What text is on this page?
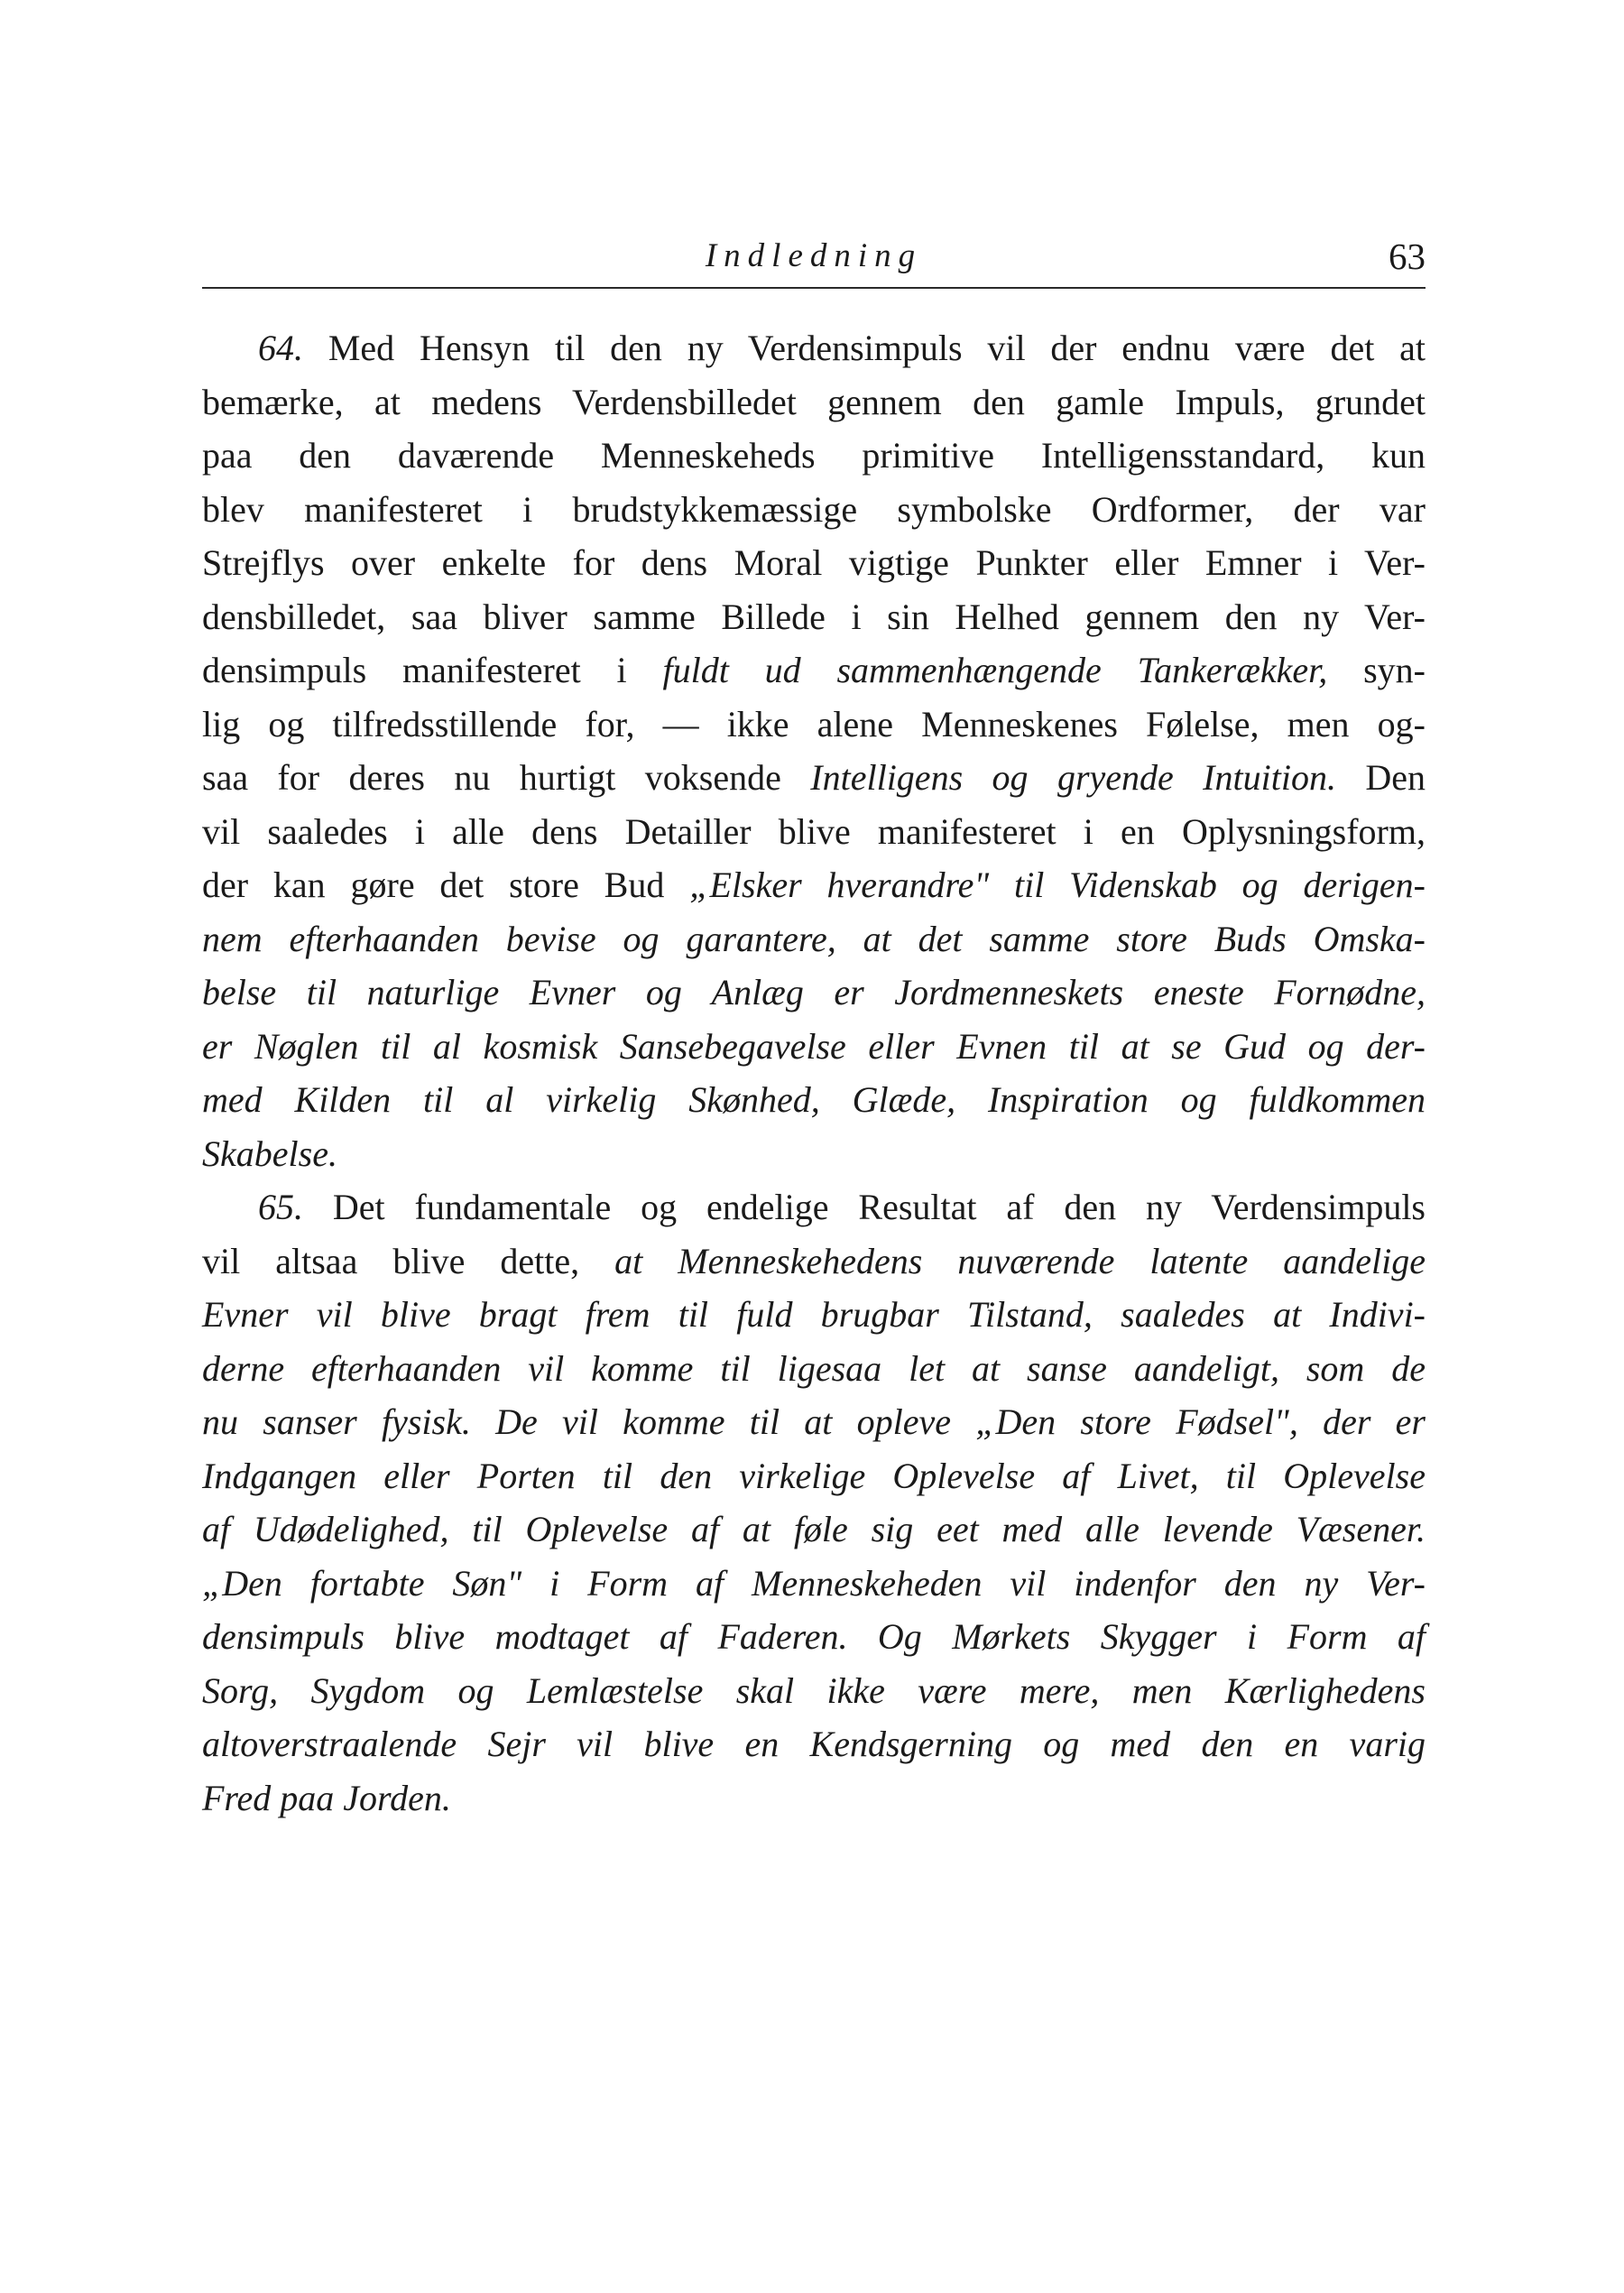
Indledning	63
64. Med Hensyn til den ny Verdensimpuls vil der endnu være det at
bemærke, at medens Verdensbilledet gennem den gamle Impuls, grundet
paa den daværende Menneskeheds primitive Intelligensstandard, kun
blev manifesteret i brudstykkemæssige symbolske Ordformer, der var
Strejflys over enkelte for dens Moral vigtige Punkter eller Emner i Ver-
densbilledet, saa bliver samme Billede i sin Helhed gennem den ny Ver-
densimpuls manifesteret i fuldt ud sammenhængende Tankerækker, syn-
lig og tilfredsstillende for, — ikke alene Menneskenes Følelse, men og-
saa for deres nu hurtigt voksende Intelligens og gryende Intuition. Den
vil saaledes i alle dens Detailler blive manifesteret i en Oplysningsform,
der kan gøre det store Bud „Elsker hverandre" til Videnskab og derigen-
nem efterhaanden bevise og garantere, at det samme store Buds Omska-
belse til naturlige Evner og Anlæg er Jordmenneskets eneste Fornødne,
er Nøglen til al kosmisk Sansebegavelse eller Evnen til at se Gud og der-
med Kilden til al virkelig Skønhed, Glæde, Inspiration og fuldkommen
Skabelse.
65. Det fundamentale og endelige Resultat af den ny Verdensimpuls
vil altsaa blive dette, at Menneskehedens nuværende latente aandelige
Evner vil blive bragt frem til fuld brugbar Tilstand, saaledes at Indivi-
derne efterhaanden vil komme til ligesaa let at sanse aandeligt, som de
nu sanser fysisk. De vil komme til at opleve „Den store Fødsel", der er
Indgangen eller Porten til den virkelige Oplevelse af Livet, til Oplevelse
af Udødelighed, til Oplevelse af at føle sig eet med alle levende Væsener.
„Den fortabte Søn" i Form af Menneskeheden vil indenfor den ny Ver-
densimpuls blive modtaget af Faderen. Og Mørkets Skygger i Form af
Sorg, Sygdom og Lemlæstelse skal ikke være mere, men Kærlighedens
altoverstraalende Sejr vil blive en Kendsgerning og med den en varig
Fred paa Jorden.
